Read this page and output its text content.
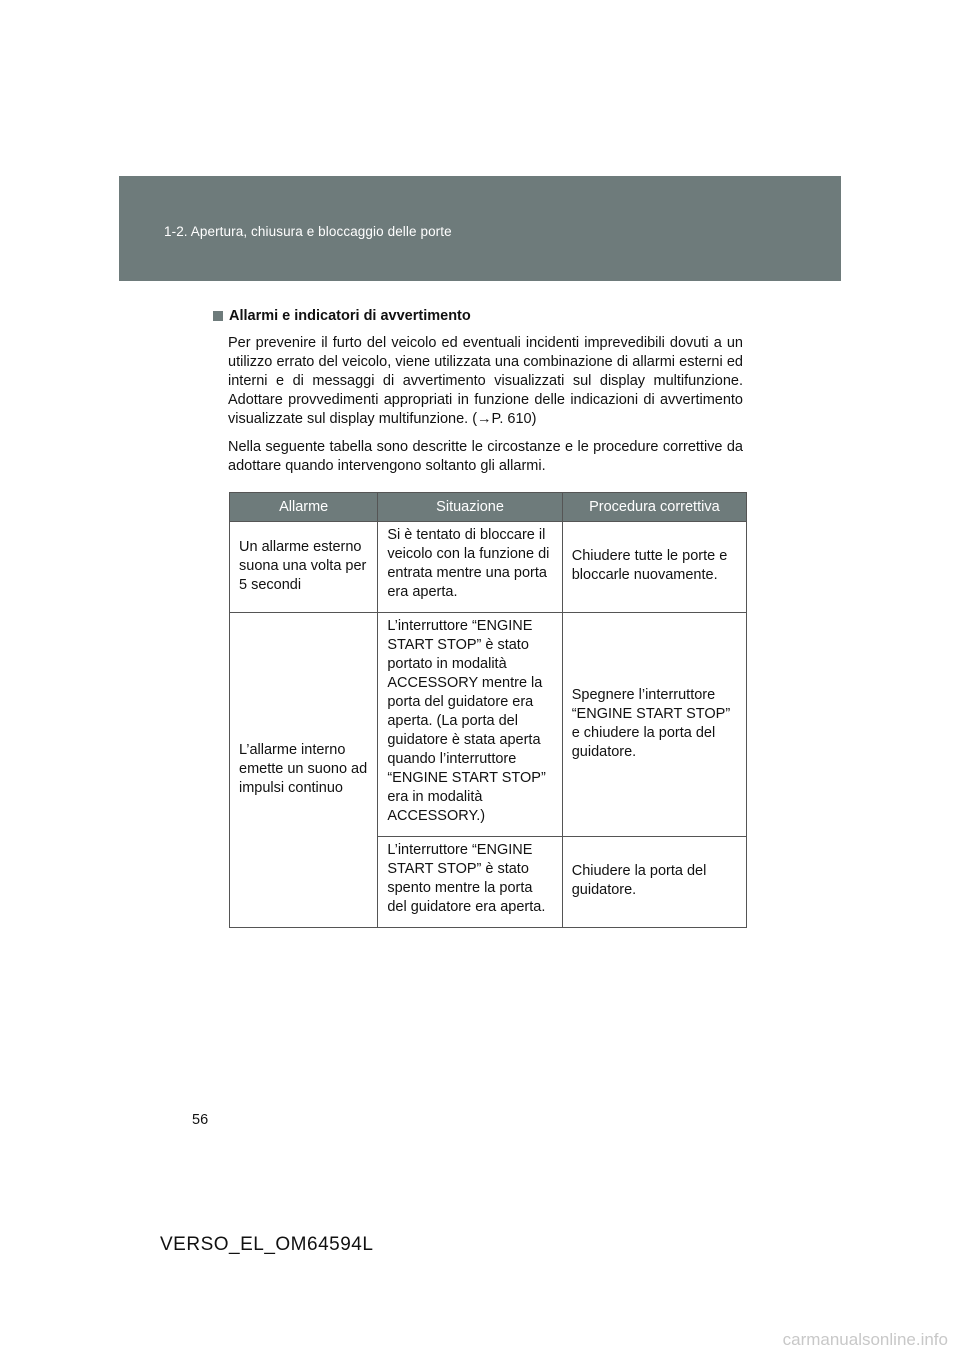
1-2. Apertura, chiusura e bloccaggio delle porte
Allarmi e indicatori di avvertimento

Per prevenire il furto del veicolo ed eventuali incidenti imprevedibili dovuti a un utilizzo errato del veicolo, viene utilizzata una combinazione di allarmi esterni ed interni e di messaggi di avvertimento visualizzati sul display multifunzione. Adottare provvedimenti appropriati in funzione delle indicazioni di avvertimento visualizzate sul display multifunzione. (→P. 610)

Nella seguente tabella sono descritte le circostanze e le procedure correttive da adottare quando intervengono soltanto gli allarmi.

Allarme	Situazione	Procedura correttiva
Un allarme esterno suona una volta per 5 secondi	Si è tentato di bloccare il veicolo con la funzione di entrata mentre una porta era aperta.	Chiudere tutte le porte e bloccarle nuovamente.
L’allarme interno emette un suono ad impulsi continuo	L’interruttore “ENGINE START STOP” è stato portato in modalità ACCESSORY mentre la porta del guidatore era aperta. (La porta del guidatore è stata aperta quando l’interruttore “ENGINE START STOP” era in modalità ACCESSORY.)	Spegnere l’interruttore “ENGINE START STOP” e chiudere la porta del guidatore.
	L’interruttore “ENGINE START STOP” è stato spento mentre la porta del guidatore era aperta.	Chiudere la porta del guidatore.
56
VERSO_EL_OM64594L
carmanualsonline.info
